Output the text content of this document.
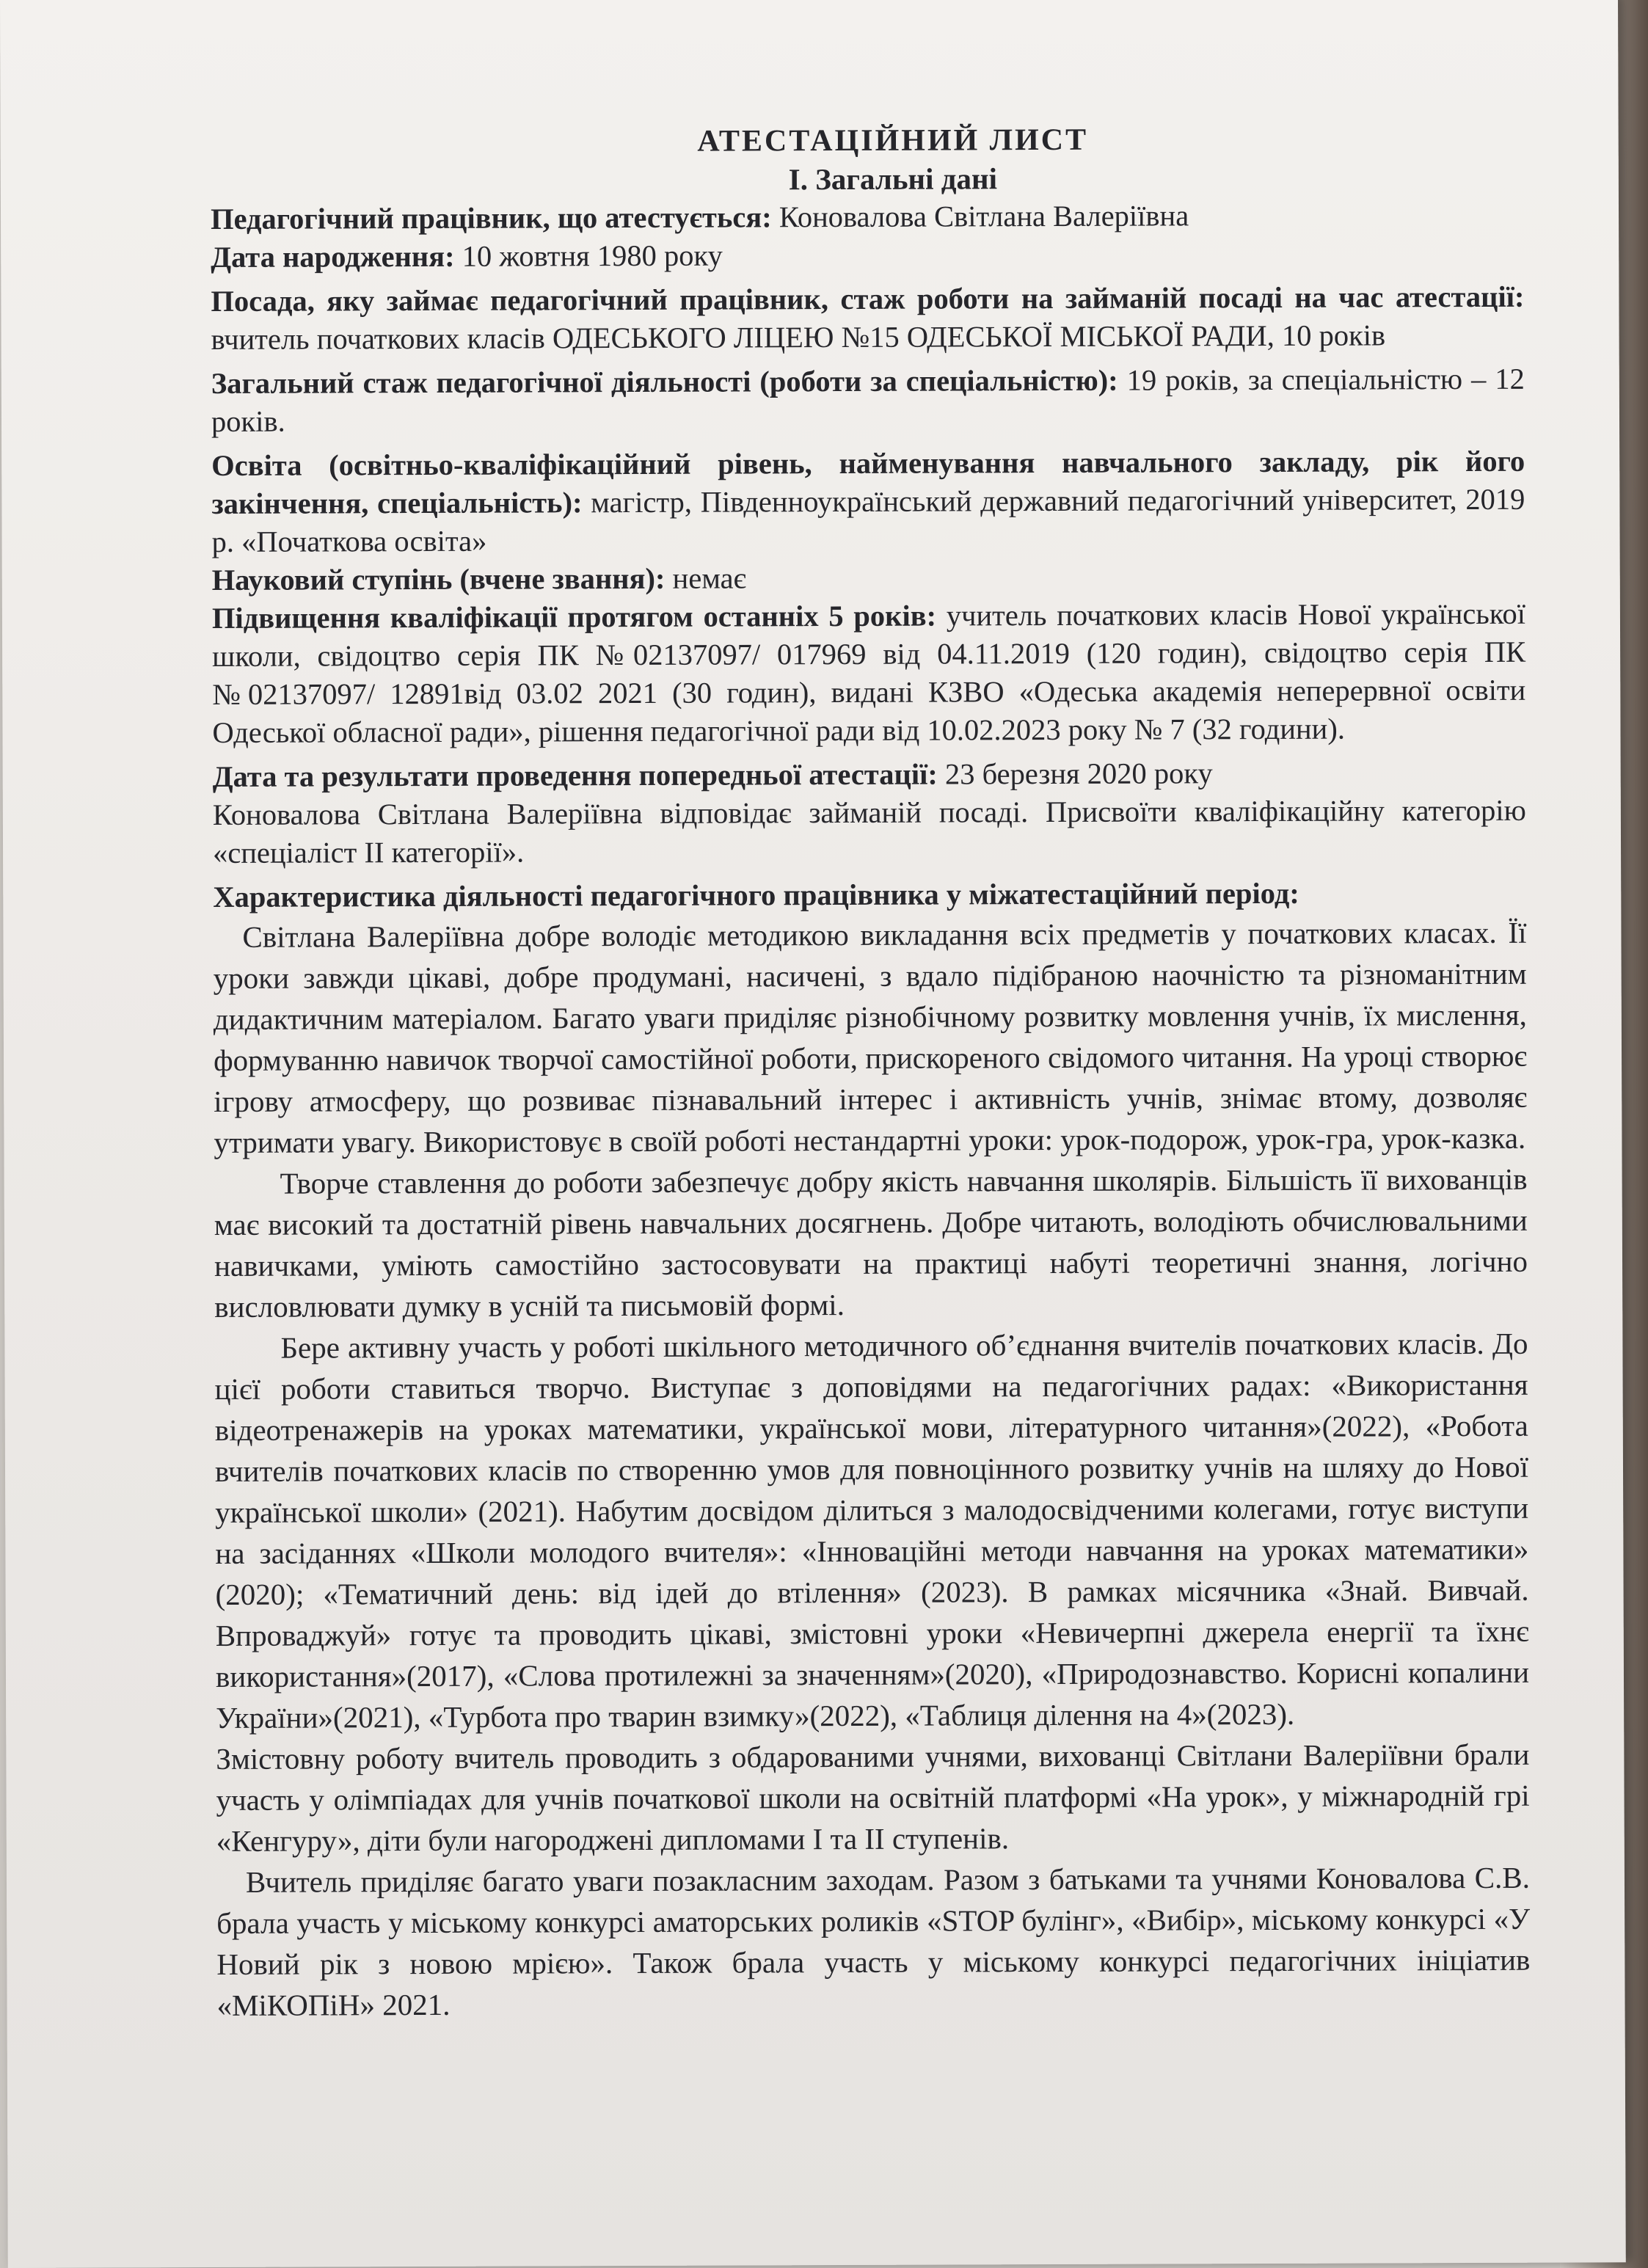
АТЕСТАЦІЙНИЙ ЛИСТ
І. Загальні дані

Педагогічний працівник, що атестується: Коновалова Світлана Валеріївна

Дата народження: 10 жовтня 1980 року

Посада, яку займає педагогічний працівник, стаж роботи на займаній посаді на час атестації: вчитель початкових класів ОДЕСЬКОГО ЛІЦЕЮ №15 ОДЕСЬКОЇ МІСЬКОЇ РАДИ, 10 років

Загальний стаж педагогічної діяльності (роботи за спеціальністю): 19 років, за спеціальністю – 12 років.

Освіта (освітньо-кваліфікаційний рівень, найменування навчального закладу, рік його закінчення, спеціальність): магістр, Південноукраїнський державний педагогічний університет, 2019 р. «Початкова освіта»

Науковий ступінь (вчене звання): немає

Підвищення кваліфікації протягом останніх 5 років: учитель початкових класів Нової української школи, свідоцтво серія ПК №02137097/ 017969 від 04.11.2019 (120 годин), свідоцтво серія ПК №02137097/ 12891від 03.02 2021 (30 годин), видані КЗВО «Одеська академія неперервної освіти Одеської обласної ради», рішення педагогічної ради від 10.02.2023 року № 7 (32 години).

Дата та результати проведення попередньої атестації: 23 березня 2020 року

Коновалова Світлана Валеріївна відповідає займаній посаді. Присвоїти кваліфікаційну категорію «спеціаліст ІІ категорії».

Характеристика діяльності педагогічного працівника у міжатестаційний період:

Світлана Валеріївна добре володіє методикою викладання всіх предметів у початкових класах. Її уроки завжди цікаві, добре продумані, насичені, з вдало підібраною наочністю та різноманітним дидактичним матеріалом. Багато уваги приділяє різнобічному розвитку мовлення учнів, їх мислення, формуванню навичок творчої самостійної роботи, прискореного свідомого читання. На уроці створює ігрову атмосферу, що розвиває пізнавальний інтерес і активність учнів, знімає втому, дозволяє утримати увагу. Використовує в своїй роботі нестандартні уроки: урок-подорож, урок-гра, урок-казка.

Творче ставлення до роботи забезпечує добру якість навчання школярів. Більшість її вихованців має високий та достатній рівень навчальних досягнень. Добре читають, володіють обчислювальними навичками, уміють самостійно застосовувати на практиці набуті теоретичні знання, логічно висловлювати думку в усній та письмовій формі.

Бере активну участь у роботі шкільного методичного об’єднання вчителів початкових класів. До цієї роботи ставиться творчо. Виступає з доповідями на педагогічних радах: «Використання відеотренажерів на уроках математики, української мови, літературного читання»(2022), «Робота вчителів початкових класів по створенню умов для повноцінного розвитку учнів на шляху до Нової української школи» (2021). Набутим досвідом ділиться з малодосвідченими колегами, готує виступи на засіданнях «Школи молодого вчителя»: «Інноваційні методи навчання на уроках математики» (2020); «Тематичний день: від ідей до втілення» (2023). В рамках місячника «Знай. Вивчай. Впроваджуй» готує та проводить цікаві, змістовні уроки «Невичерпні джерела енергії та їхнє використання»(2017), «Слова протилежні за значенням»(2020), «Природознавство. Корисні копалини України»(2021), «Турбота про тварин взимку»(2022), «Таблиця ділення на 4»(2023).

Змістовну роботу вчитель проводить з обдарованими учнями, вихованці Світлани Валеріївни брали участь у олімпіадах для учнів початкової школи на освітній платформі «На урок», у міжнародній грі «Кенгуру», діти були нагороджені дипломами І та ІІ ступенів.

Вчитель приділяє багато уваги позакласним заходам. Разом з батьками та учнями Коновалова С.В. брала участь у міському конкурсі аматорських роликів «STOP булінг», «Вибір», міському конкурсі «У Новий рік з новою мрією». Також брала участь у міському конкурсі педагогічних ініціатив «МіКОПіН» 2021.
